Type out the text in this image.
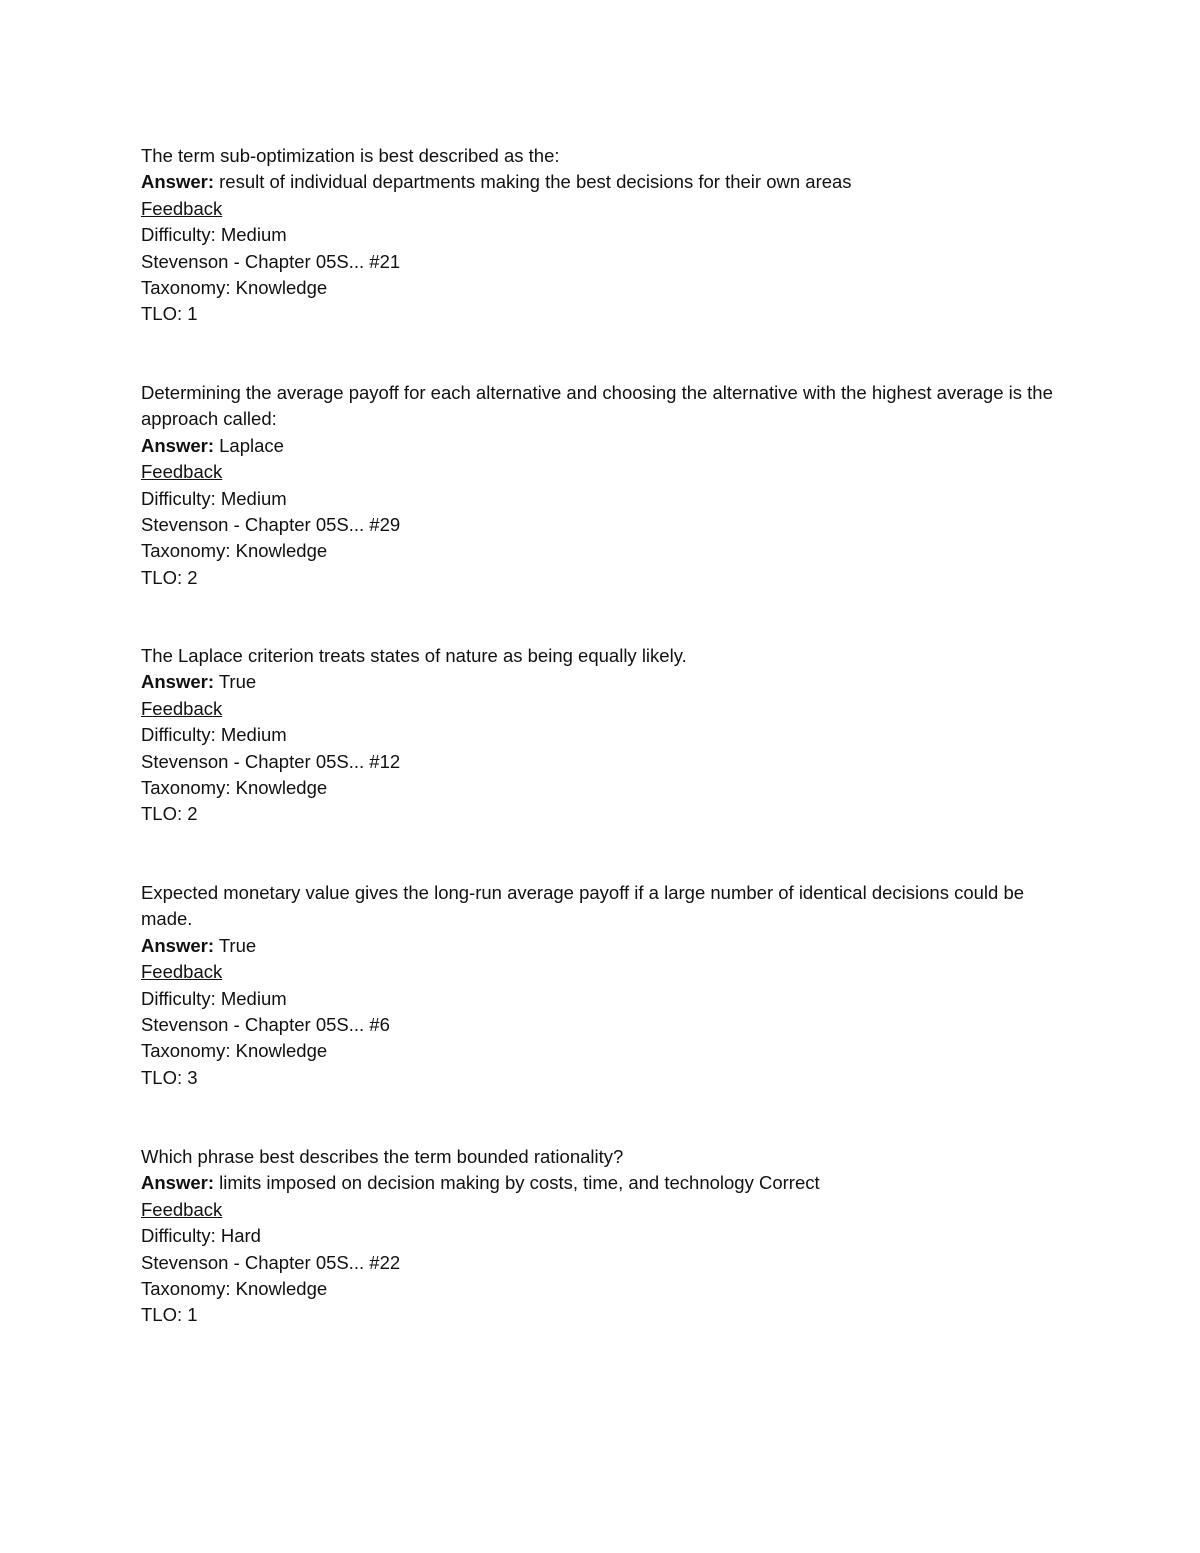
The term sub-optimization is best described as the:
Answer: result of individual departments making the best decisions for their own areas
Feedback
Difficulty: Medium
Stevenson - Chapter 05S... #21
Taxonomy: Knowledge
TLO: 1
Determining the average payoff for each alternative and choosing the alternative with the highest average is the approach called:
Answer: Laplace
Feedback
Difficulty: Medium
Stevenson - Chapter 05S... #29
Taxonomy: Knowledge
TLO: 2
The Laplace criterion treats states of nature as being equally likely.
Answer: True
Feedback
Difficulty: Medium
Stevenson - Chapter 05S... #12
Taxonomy: Knowledge
TLO: 2
Expected monetary value gives the long-run average payoff if a large number of identical decisions could be made.
Answer: True
Feedback
Difficulty: Medium
Stevenson - Chapter 05S... #6
Taxonomy: Knowledge
TLO: 3
Which phrase best describes the term bounded rationality?
Answer: limits imposed on decision making by costs, time, and technology Correct
Feedback
Difficulty: Hard
Stevenson - Chapter 05S... #22
Taxonomy: Knowledge
TLO: 1
